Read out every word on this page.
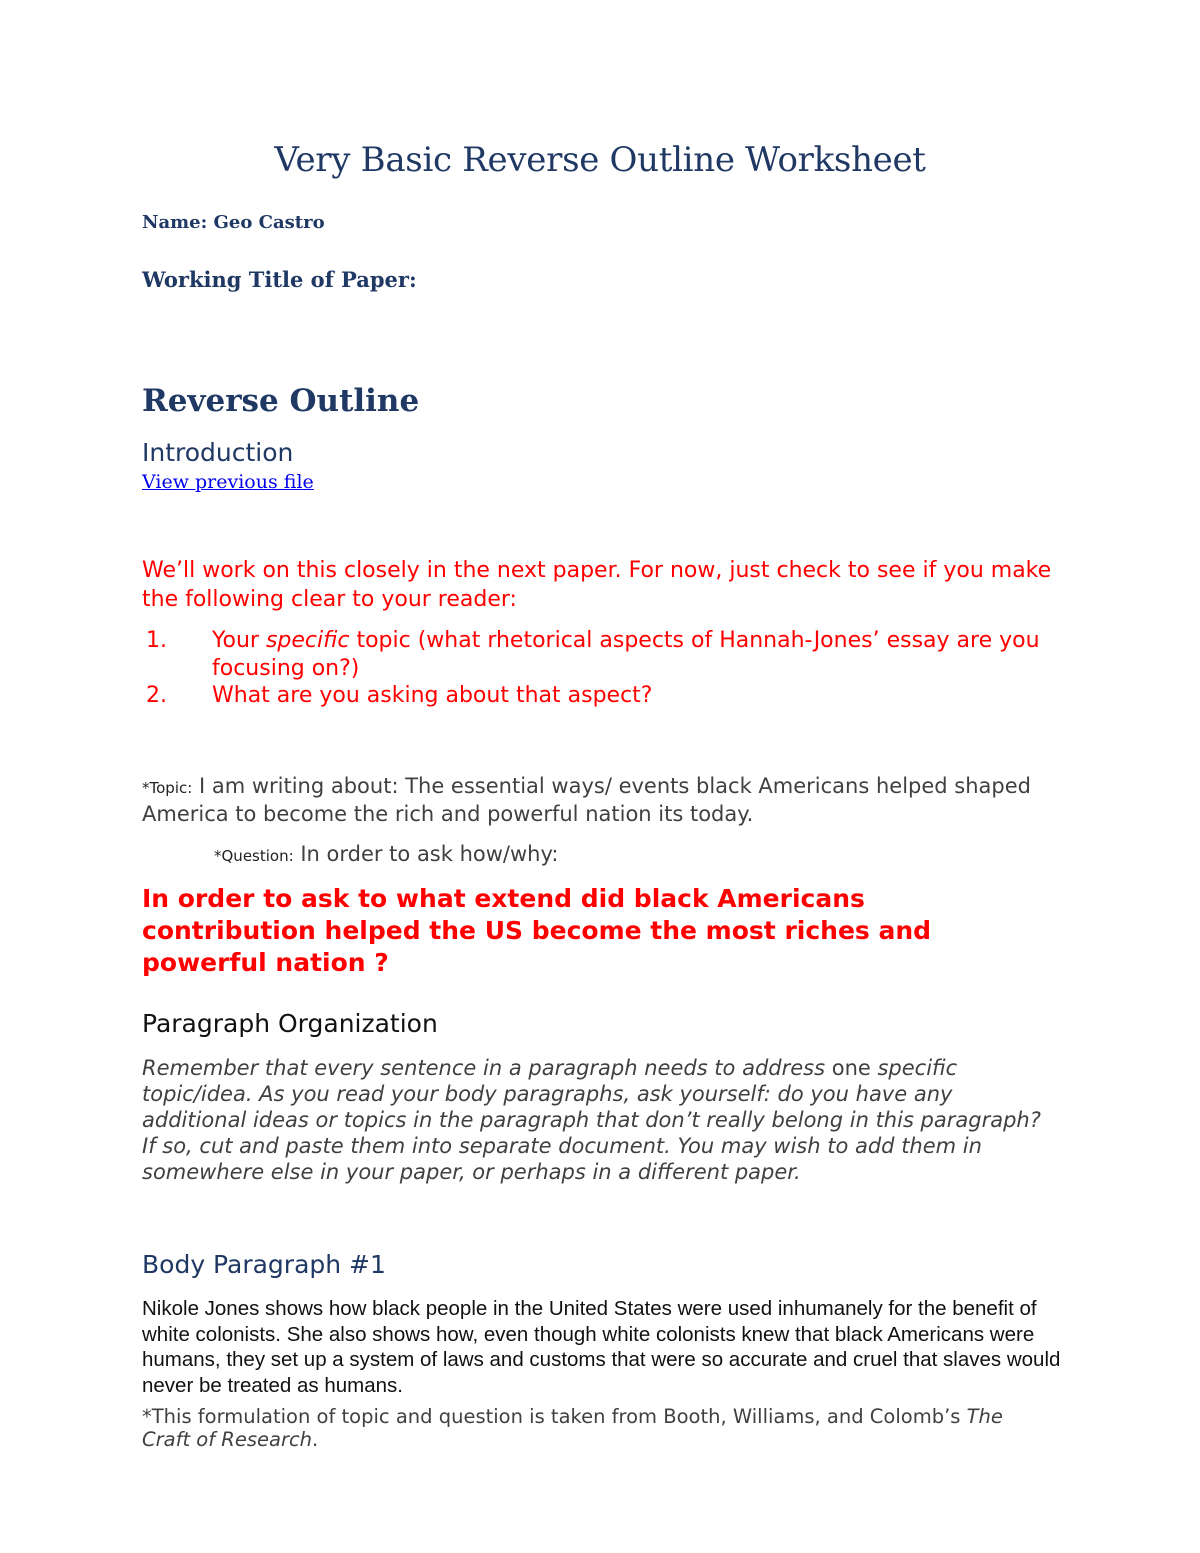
Very Basic Reverse Outline Worksheet
Name: Geo Castro
Working Title of Paper:
Reverse Outline
Introduction
View previous file

We’ll work on this closely in the next paper. For now, just check to see if you make the following clear to your reader:

1.	Your specific topic (what rhetorical aspects of Hannah-Jones’ essay are you focusing on?)
2.	What are you asking about that aspect?

*Topic: I am writing about: The essential ways/ events black Americans helped shaped America to become the rich and powerful nation its today.

*Question: In order to ask how/why:

In order to ask to what extend did black Americans contribution helped the US become the most riches and powerful nation ?

Paragraph Organization

Remember that every sentence in a paragraph needs to address one specific topic/idea. As you read your body paragraphs, ask yourself: do you have any additional ideas or topics in the paragraph that don’t really belong in this paragraph? If so, cut and paste them into separate document. You may wish to add them in somewhere else in your paper, or perhaps in a different paper.

Body Paragraph #1

Nikole Jones shows how black people in the United States were used inhumanely for the benefit of white colonists. She also shows how, even though white colonists knew that black Americans were humans, they set up a system of laws and customs that were so accurate and cruel that slaves would never be treated as humans.

*This formulation of topic and question is taken from Booth, Williams, and Colomb’s The Craft of Research.
